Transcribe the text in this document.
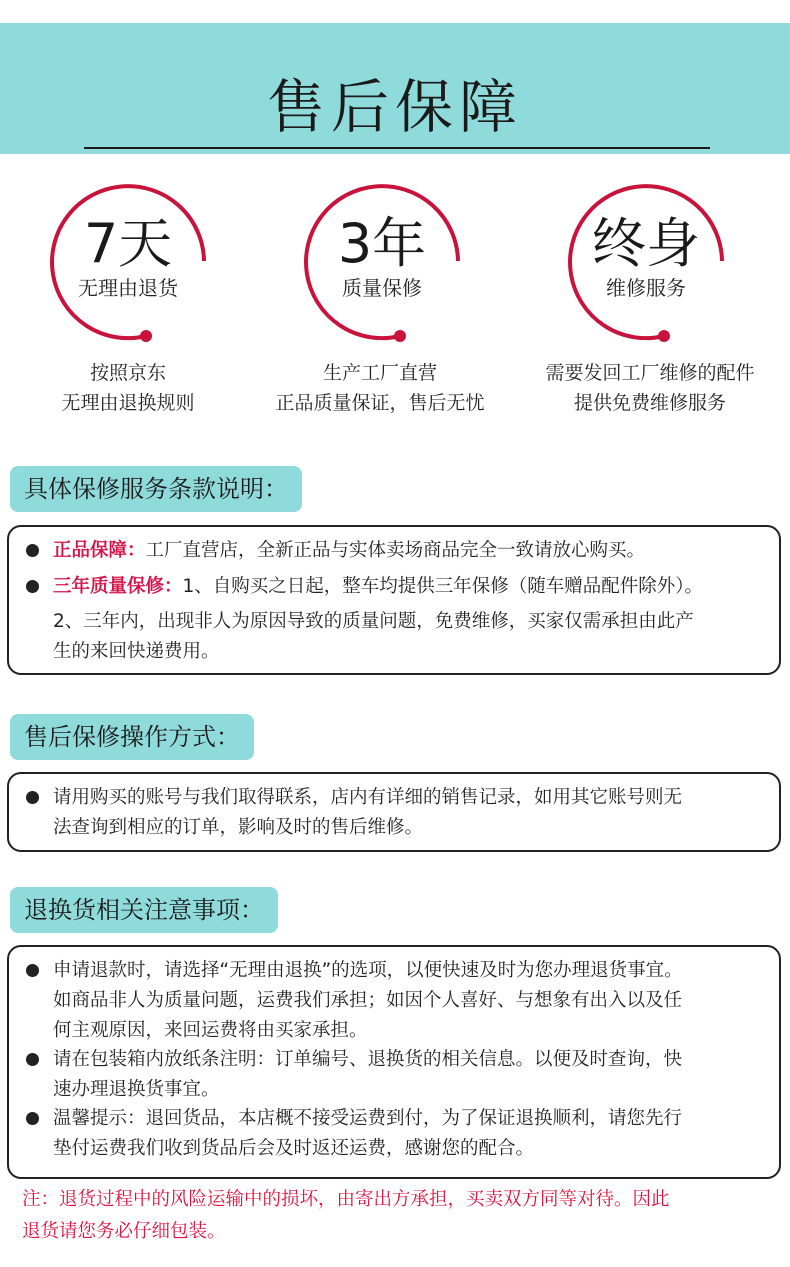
售后保障
7天
无理由退货
3年
质量保修
终身
维修服务
按照京东
无理由退换规则
生产工厂直营
正品质量保证，售后无忧
需要发回工厂维修的配件
提供免费维修服务
具体保修服务条款说明：
正品保障：工厂直营店，全新正品与实体卖场商品完全一致请放心购买。
三年质量保修：1、自购买之日起，整车均提供三年保修（随车赠品配件除外）。
2、三年内，出现非人为原因导致的质量问题，免费维修，买家仅需承担由此产
生的来回快递费用。
售后保修操作方式：
请用购买的账号与我们取得联系，店内有详细的销售记录，如用其它账号则无
法查询到相应的订单，影响及时的售后维修。
退换货相关注意事项：
申请退款时，请选择“无理由退换”的选项，以便快速及时为您办理退货事宜。
如商品非人为质量问题，运费我们承担；如因个人喜好、与想象有出入以及任
何主观原因，来回运费将由买家承担。
请在包装箱内放纸条注明：订单编号、退换货的相关信息。以便及时查询，快
速办理退换货事宜。
温馨提示：退回货品，本店概不接受运费到付，为了保证退换顺利，请您先行
垫付运费我们收到货品后会及时返还运费，感谢您的配合。
注：退货过程中的风险运输中的损坏，由寄出方承担，买卖双方同等对待。因此
退货请您务必仔细包装。
